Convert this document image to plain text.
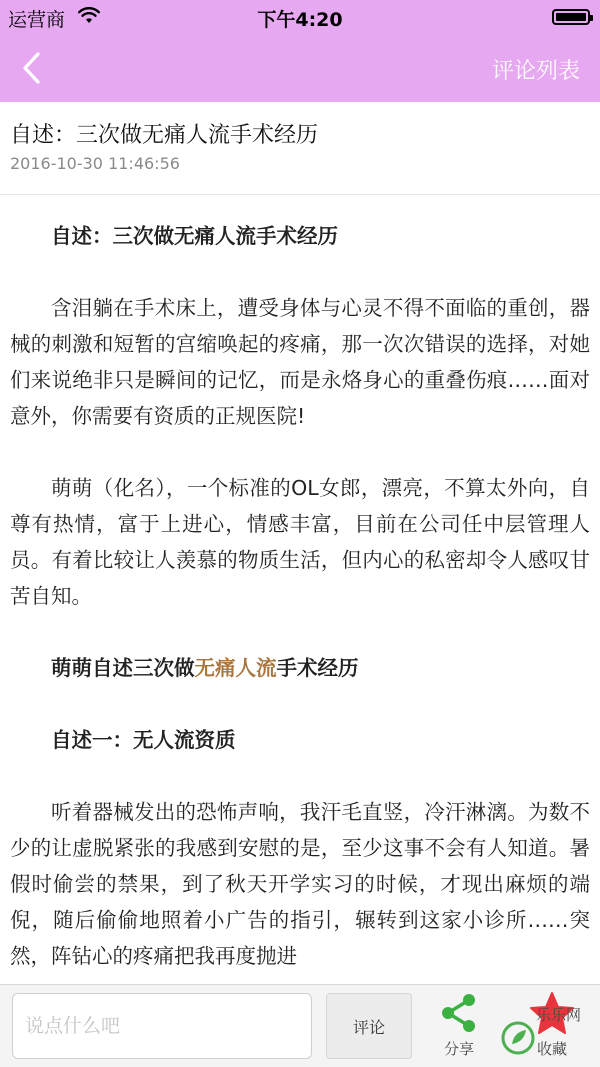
运营商	下午4:20
评论列表
自述：三次做无痛人流手术经历
2016-10-30 11:46:56

自述：三次做无痛人流手术经历

含泪躺在手术床上，遭受身体与心灵不得不面临的重创，器械的刺激和短暂的宫缩唤起的疼痛，那一次次错误的选择，对她们来说绝非只是瞬间的记忆，而是永烙身心的重叠伤痕……面对意外，你需要有资质的正规医院!

萌萌（化名），一个标准的OL女郎，漂亮，不算太外向，自尊有热情，富于上进心，情感丰富，目前在公司任中层管理人员。有着比较让人羡慕的物质生活，但内心的私密却令人感叹甘苦自知。

萌萌自述三次做无痛人流手术经历

自述一：无人流资质

听着器械发出的恐怖声响，我汗毛直竖，冷汗淋漓。为数不少的让虚脱紧张的我感到安慰的是，至少这事不会有人知道。暑假时偷尝的禁果，到了秋天开学实习的时候，才现出麻烦的端倪，随后偷偷地照着小广告的指引，辗转到这家小诊所……突然，阵钻心的疼痛把我再度抛进

说点什么吧
评论
分享	收藏
乐乐网
